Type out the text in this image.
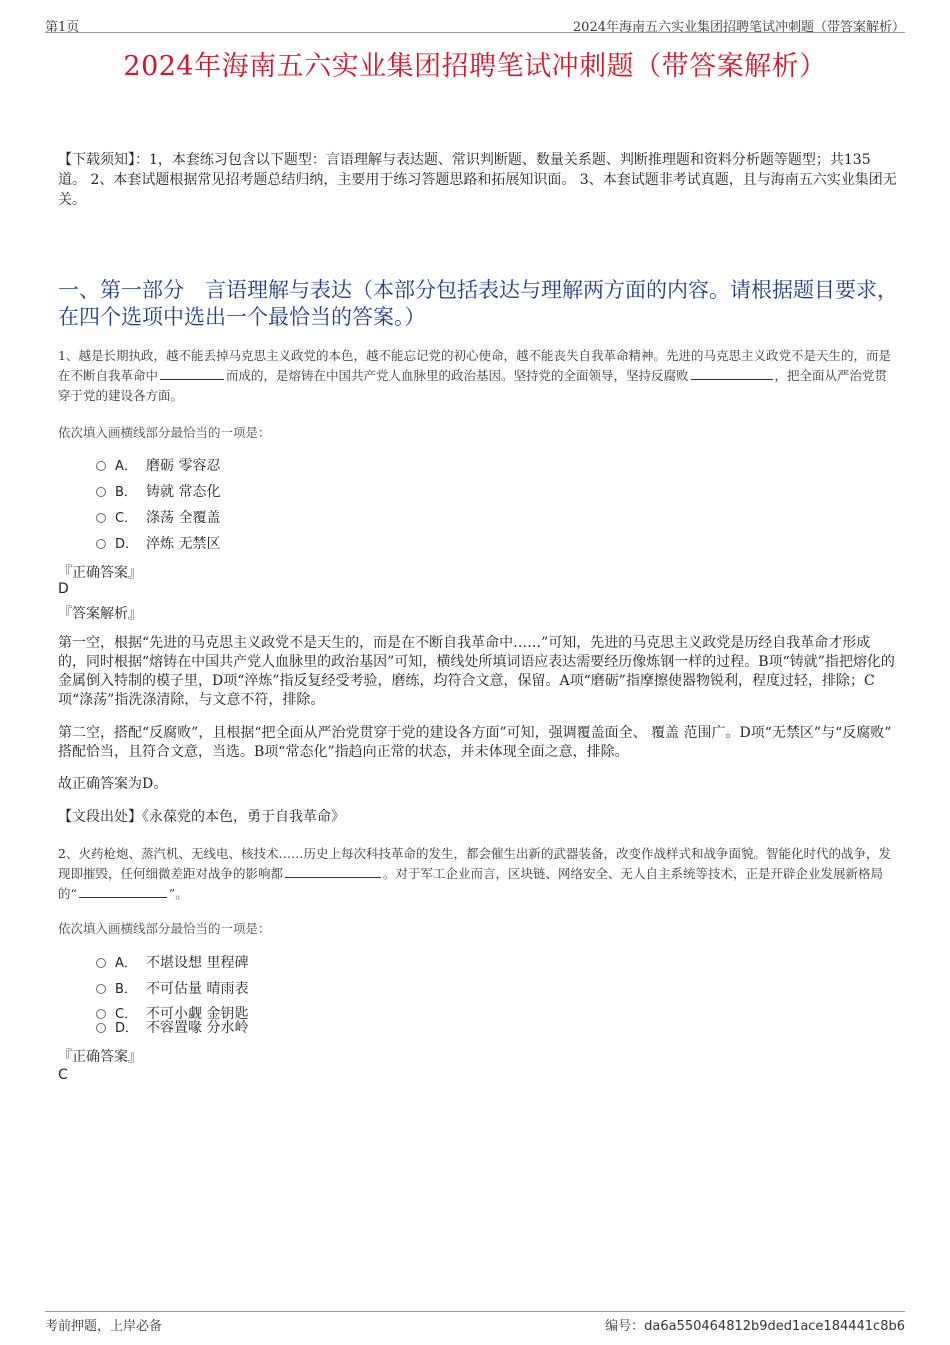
第1页	2024年海南五六实业集团招聘笔试冲刺题（带答案解析）
2024年海南五六实业集团招聘笔试冲刺题（带答案解析）
【下载须知】：1，本套练习包含以下题型：言语理解与表达题、常识判断题、数量关系题、判断推理题和资料分析题等题型；共135道。 2、本套试题根据常见招考题总结归纳，主要用于练习答题思路和拓展知识面。 3、本套试题非考试真题，且与海南五六实业集团无关。
一、第一部分　言语理解与表达（本部分包括表达与理解两方面的内容。请根据题目要求，在四个选项中选出一个最恰当的答案。）
1、越是长期执政，越不能丢掉马克思主义政党的本色，越不能忘记党的初心使命，越不能丧失自我革命精神。先进的马克思主义政党不是天生的，而是在不断自我革命中	而成的，是熔铸在中国共产党人血脉里的政治基因。坚持党的全面领导，坚持反腐败	，把全面从严治党贯穿于党的建设各方面。
依次填入画横线部分最恰当的一项是：
A． 磨砺 零容忍
B． 铸就 常态化
C． 涤荡 全覆盖
D． 淬炼 无禁区
『正确答案』
D
『答案解析』
第一空，根据“先进的马克思主义政党不是天生的，而是在不断自我革命中……”可知，先进的马克思主义政党是历经自我革命才形成的，同时根据“熔铸在中国共产党人血脉里的政治基因”可知，横线处所填词语应表达需要经历像炼钢一样的过程。B项“铸就”指把熔化的金属倒入特制的模子里，D项“淬炼”指反复经受考验，磨练，均符合文意，保留。A项“磨砺”指摩擦使器物锐利，程度过轻，排除；C项“涤荡”指洗涤清除，与文意不符，排除。
第二空，搭配“反腐败”，且根据“把全面从严治党贯穿于党的建设各方面”可知，强调覆盖面全、 覆盖 范围广。D项“无禁区”与“反腐败” 搭配恰当，且符合文意，当选。B项“常态化”指趋向正常的状态，并未体现全面之意，排除。
故正确答案为D。
【文段出处】《永葆党的本色，勇于自我革命》
2、火药枪炮、蒸汽机、无线电、核技术……历史上每次科技革命的发生，都会催生出新的武器装备，改变作战样式和战争面貌。智能化时代的战争，发现即摧毁，任何细微差距对战争的影响都	。对于军工企业而言，区块链、网络安全、无人自主系统等技术，正是开辟企业发展新格局的“	”。
依次填入画横线部分最恰当的一项是：
A． 不堪设想 里程碑
B． 不可估量 晴雨表
C． 不可小觑 金钥匙
D． 不容置喙 分水岭
『正确答案』
C
考前押题，上岸必备	编号：da6a550464812b9ded1ace184441c8b6
